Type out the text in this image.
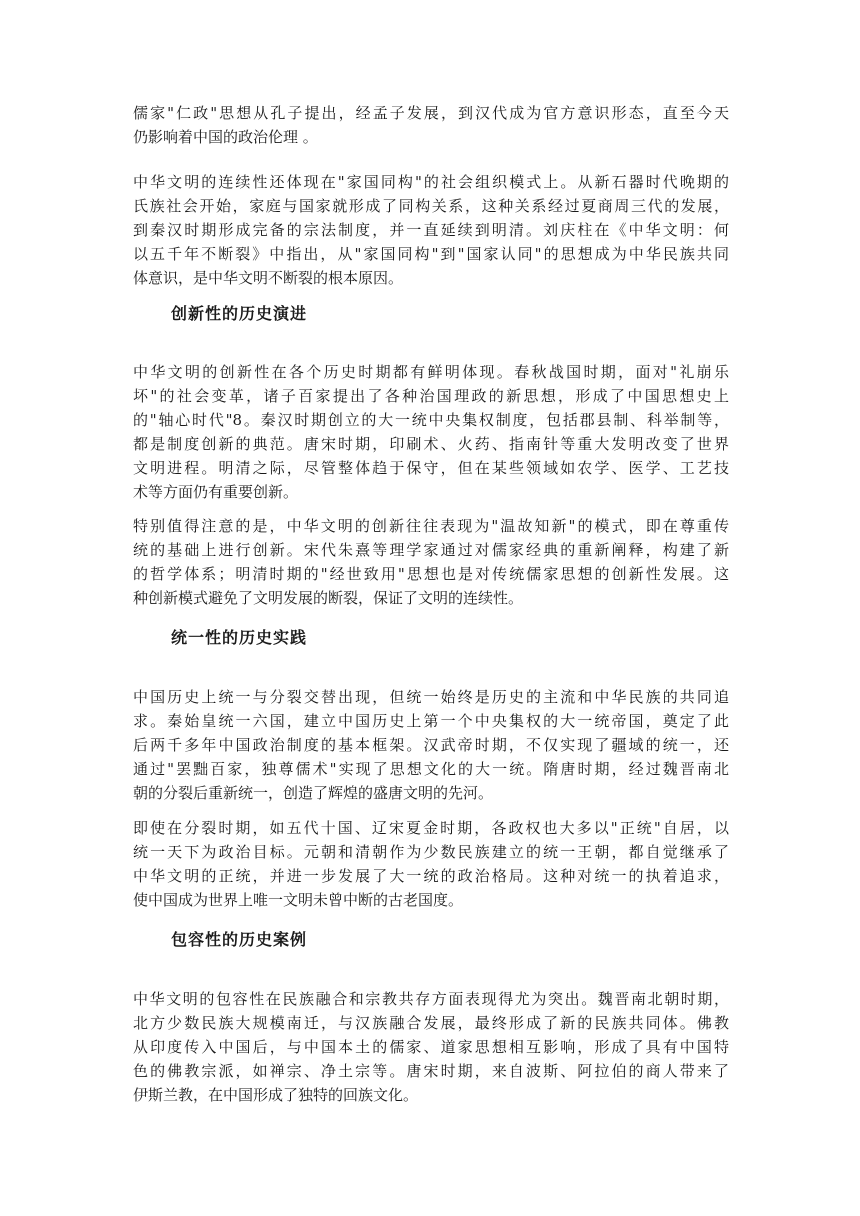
儒家"仁政"思想从孔子提出，经孟子发展，到汉代成为官方意识形态，直至今天
仍影响着中国的政治伦理 。

中华文明的连续性还体现在"家国同构"的社会组织模式上。从新石器时代晚期的
氏族社会开始，家庭与国家就形成了同构关系，这种关系经过夏商周三代的发展，
到秦汉时期形成完备的宗法制度，并一直延续到明清。刘庆柱在《中华文明：何
以五千年不断裂》中指出，从"家国同构"到"国家认同"的思想成为中华民族共同
体意识，是中华文明不断裂的根本原因。

创新性的历史演进

中华文明的创新性在各个历史时期都有鲜明体现。春秋战国时期，面对"礼崩乐
坏"的社会变革，诸子百家提出了各种治国理政的新思想，形成了中国思想史上
的"轴心时代"8。秦汉时期创立的大一统中央集权制度，包括郡县制、科举制等，
都是制度创新的典范。唐宋时期，印刷术、火药、指南针等重大发明改变了世界
文明进程。明清之际，尽管整体趋于保守，但在某些领域如农学、医学、工艺技
术等方面仍有重要创新。

特别值得注意的是，中华文明的创新往往表现为"温故知新"的模式，即在尊重传
统的基础上进行创新。宋代朱熹等理学家通过对儒家经典的重新阐释，构建了新
的哲学体系；明清时期的"经世致用"思想也是对传统儒家思想的创新性发展。这
种创新模式避免了文明发展的断裂，保证了文明的连续性。

统一性的历史实践

中国历史上统一与分裂交替出现，但统一始终是历史的主流和中华民族的共同追
求。秦始皇统一六国，建立中国历史上第一个中央集权的大一统帝国，奠定了此
后两千多年中国政治制度的基本框架。汉武帝时期，不仅实现了疆域的统一，还
通过"罢黜百家，独尊儒术"实现了思想文化的大一统。隋唐时期，经过魏晋南北
朝的分裂后重新统一，创造了辉煌的盛唐文明的先河。

即使在分裂时期，如五代十国、辽宋夏金时期，各政权也大多以"正统"自居，以
统一天下为政治目标。元朝和清朝作为少数民族建立的统一王朝，都自觉继承了
中华文明的正统，并进一步发展了大一统的政治格局。这种对统一的执着追求，
使中国成为世界上唯一文明未曾中断的古老国度。

包容性的历史案例

中华文明的包容性在民族融合和宗教共存方面表现得尤为突出。魏晋南北朝时期，
北方少数民族大规模南迁，与汉族融合发展，最终形成了新的民族共同体。佛教
从印度传入中国后，与中国本土的儒家、道家思想相互影响，形成了具有中国特
色的佛教宗派，如禅宗、净土宗等。唐宋时期，来自波斯、阿拉伯的商人带来了
伊斯兰教，在中国形成了独特的回族文化。
